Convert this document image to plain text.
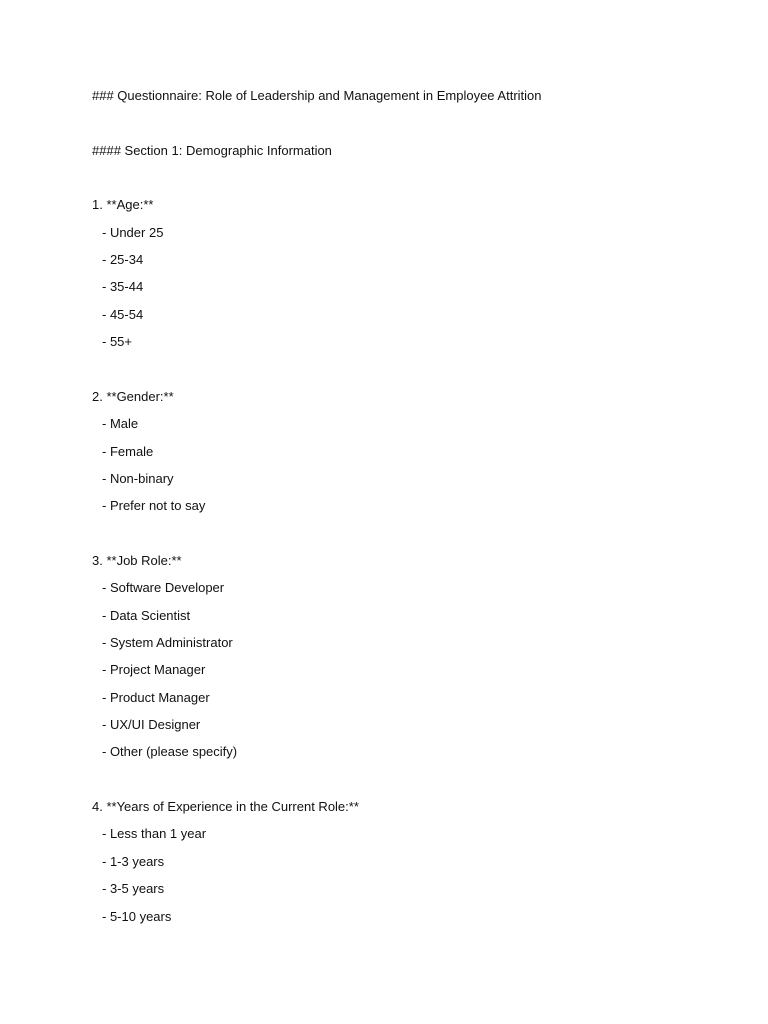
### Questionnaire: Role of Leadership and Management in Employee Attrition
#### Section 1: Demographic Information
1. **Age:**
- Under 25
- 25-34
- 35-44
- 45-54
- 55+
2. **Gender:**
- Male
- Female
- Non-binary
- Prefer not to say
3. **Job Role:**
- Software Developer
- Data Scientist
- System Administrator
- Project Manager
- Product Manager
- UX/UI Designer
- Other (please specify)
4. **Years of Experience in the Current Role:**
- Less than 1 year
- 1-3 years
- 3-5 years
- 5-10 years
